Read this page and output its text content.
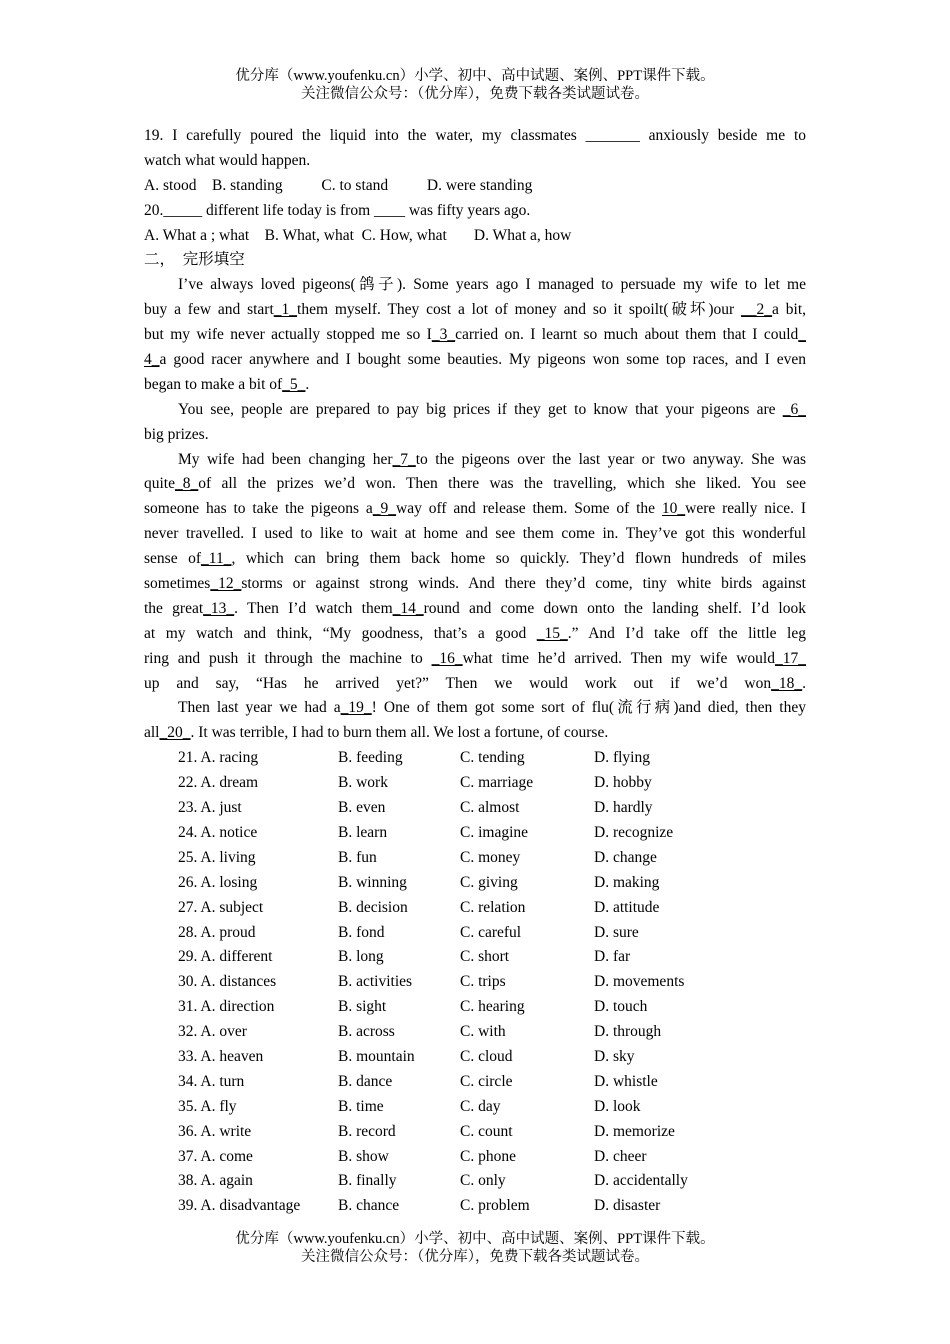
优分库（www.youfenku.cn）小学、初中、高中试题、案例、PPT课件下载。
关注微信公众号：（优分库），免费下载各类试题试卷。
19. I carefully poured the liquid into the water, my classmates _______ anxiously beside me to
watch what would happen.
A. stood    B. standing          C. to stand          D. were standing
20._____ different life today is from ____ was fifty years ago.
A. What a ; what    B. What, what  C. How, what       D. What a, how
二，  完形填空
I’ve always loved pigeons(鸽子). Some years ago I managed to persuade my wife to let me
buy a few and start_1_them myself. They cost a lot of money and so it spoilt(破坏)our __2_a bit,
but my wife never actually stopped me so I_3_carried on. I learnt so much about them that I could_
4_a good racer anywhere and I bought some beauties. My pigeons won some top races, and I even
began to make a bit of_5_.
You see, people are prepared to pay big prices if they get to know that your pigeons are _6_
big prizes.
My wife had been changing her_7_to the pigeons over the last year or two anyway. She was
quite_8_of all the prizes we’d won. Then there was the travelling, which she liked. You see
someone has to take the pigeons a_9_way off and release them. Some of the 10_were really nice. I
never travelled. I used to like to wait at home and see them come in. They’ve got this wonderful
sense of_11_, which can bring them back home so quickly. They’d flown hundreds of miles
sometimes_12_storms or against strong winds. And there they’d come, tiny white birds against
the great_13_. Then I’d watch them_14_round and come down onto the landing shelf. I’d look
at my watch and think, “My goodness, that’s a good _15_.” And I’d take off the little leg
ring and push it through the machine to _16_what time he’d arrived. Then my wife would_17_
up and say, “Has he arrived yet?” Then we would work out if we’d won_18_.
Then last year we had a_19_! One of them got some sort of flu(流行病)and died, then they
all_20_. It was terrible, I had to burn them all. We lost a fortune, of course.
21. A. racing	B. feeding	C. tending	D. flying
22. A. dream	B. work	C. marriage	D. hobby
23. A. just	B. even	C. almost	D. hardly
24. A. notice	B. learn	C. imagine	D. recognize
25. A. living	B. fun	C. money	D. change
26. A. losing	B. winning	C. giving	D. making
27. A. subject	B. decision	C. relation	D. attitude
28. A. proud	B. fond	C. careful	D. sure
29. A. different	B. long	C. short	D. far
30. A. distances	B. activities	C. trips	D. movements
31. A. direction	B. sight	C. hearing	D. touch
32. A. over	B. across	C. with	D. through
33. A. heaven	B. mountain	C. cloud	D. sky
34. A. turn	B. dance	C. circle	D. whistle
35. A. fly	B. time	C. day	D. look
36. A. write	B. record	C. count	D. memorize
37. A. come	B. show	C. phone	D. cheer
38. A. again	B. finally	C. only	D. accidentally
39. A. disadvantage B. chance	C. problem	D. disaster
优分库（www.youfenku.cn）小学、初中、高中试题、案例、PPT课件下载。
关注微信公众号：（优分库），免费下载各类试题试卷。
